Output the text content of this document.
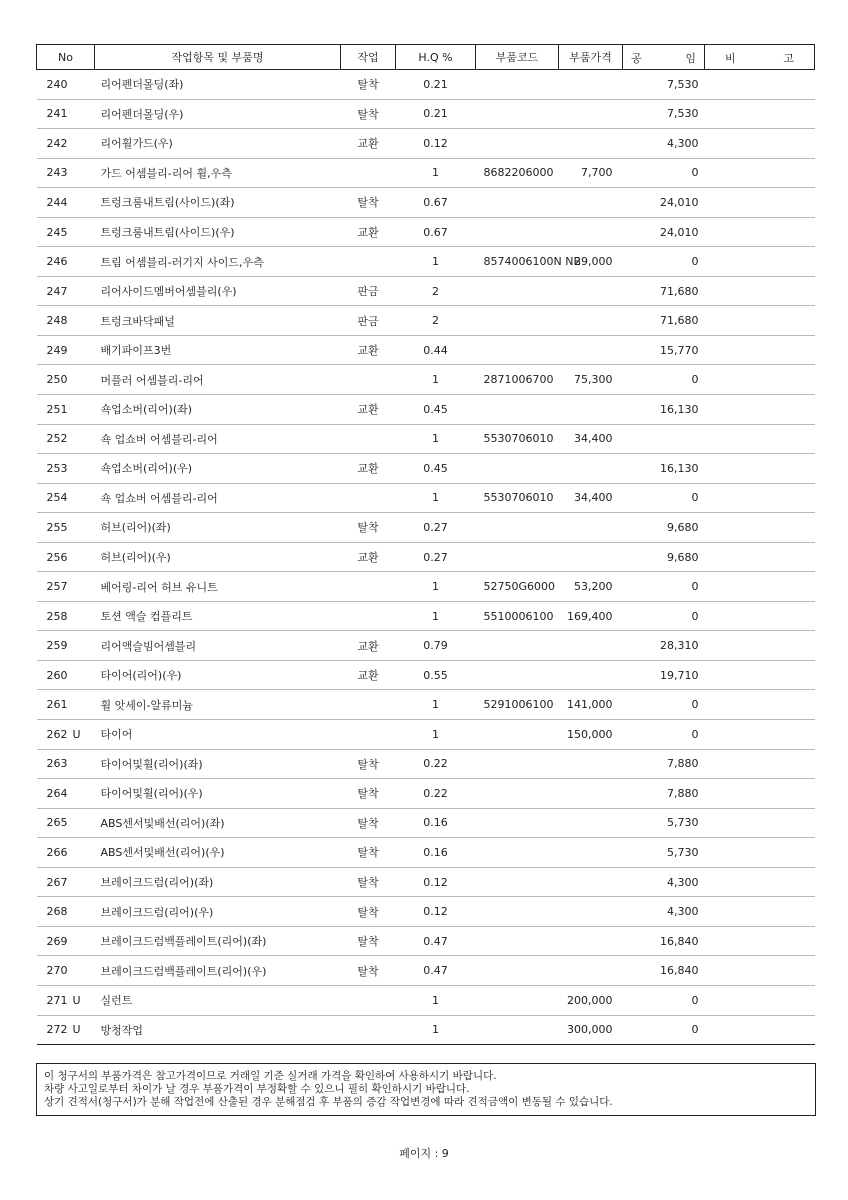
No	작업항목 및 부품명	작업	H.Q %	부품코드	부품가격	공 임	비 고

240	리어펜더몰딩(좌)	탈착	0.21			7,530	
241	리어펜더몰딩(우)	탈착	0.21			7,530	
242	리어휠가드(우)	교환	0.12			4,300	
243	가드 어셈블리-리어 휠,우측		1	8682206000	7,700	0	
244	트렁크룸내트림(사이드)(좌)	탈착	0.67			24,010	
245	트렁크룸내트림(사이드)(우)	교환	0.67			24,010	
246	트림 어셈블리-러기지 사이드,우측		1	8574006100N NB	29,000	0	
247	리어사이드멤버어셈블리(우)	판금	2			71,680	
248	트렁크바닥패널	판금	2			71,680	
249	배기파이프3번	교환	0.44			15,770	
250	머플러 어셈블리-리어		1	2871006700	75,300	0	
251	쇽업소버(리어)(좌)	교환	0.45			16,130	
252	쇽 업쇼버 어셈블리-리어		1	5530706010	34,400		
253	쇽업소버(리어)(우)	교환	0.45			16,130	
254	쇽 업쇼버 어셈블리-리어		1	5530706010	34,400	0	
255	허브(리어)(좌)	탈착	0.27			9,680	
256	허브(리어)(우)	교환	0.27			9,680	
257	베어링-리어 허브 유니트		1	52750G6000	53,200	0	
258	토션 액슬 컴플리트		1	5510006100	169,400	0	
259	리어액슬빔어셈블리	교환	0.79			28,310	
260	타이어(리어)(우)	교환	0.55			19,710	
261	휠 앗세이-알류미늄		1	5291006100	141,000	0	
262 U	타이어		1		150,000	0	
263	타이어및휠(리어)(좌)	탈착	0.22			7,880	
264	타이어및휠(리어)(우)	탈착	0.22			7,880	
265	ABS센서및배선(리어)(좌)	탈착	0.16			5,730	
266	ABS센서및배선(리어)(우)	탈착	0.16			5,730	
267	브레이크드럼(리어)(좌)	탈착	0.12			4,300	
268	브레이크드럼(리어)(우)	탈착	0.12			4,300	
269	브레이크드럼백플레이트(리어)(좌)	탈착	0.47			16,840	
270	브레이크드럼백플레이트(리어)(우)	탈착	0.47			16,840	
271 U	실런트		1		200,000	0	
272 U	방청작업		1		300,000	0	

이 청구서의 부품가격은 참고가격이므로 거래일 기준 실거래 가격을 확인하여 사용하시기 바랍니다.

차량 사고일로부터 차이가 날 경우 부품가격이 부정확할 수 있으니 필히 확인하시기 바랍니다.

상기 견적서(청구서)가 분해 작업전에 산출된 경우 분해점검 후 부품의 증감 작업변경에 따라 견적금액이 변동될 수 있습니다.

페이지 : 9
